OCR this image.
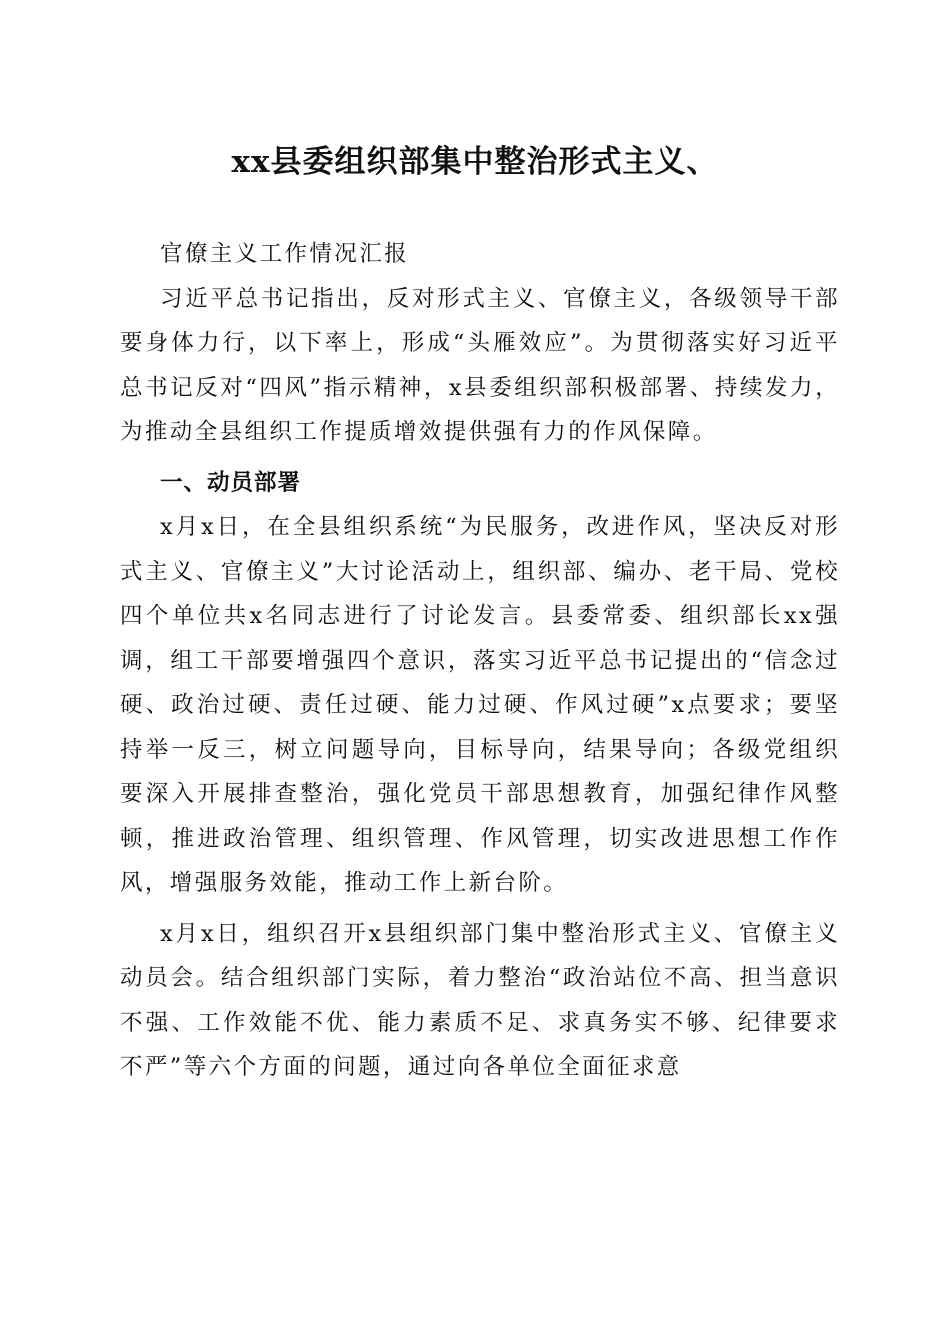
xx县委组织部集中整治形式主义、

官僚主义工作情况汇报

习近平总书记指出，反对形式主义、官僚主义，各级领导干部要身体力行，以下率上，形成“头雁效应”。为贯彻落实好习近平总书记反对“四风”指示精神，x县委组织部积极部署、持续发力，为推动全县组织工作提质增效提供强有力的作风保障。

一、动员部署

x月x日，在全县组织系统“为民服务，改进作风，坚决反对形式主义、官僚主义”大讨论活动上，组织部、编办、老干局、党校四个单位共x名同志进行了讨论发言。县委常委、组织部长xx强调，组工干部要增强四个意识，落实习近平总书记提出的“信念过硬、政治过硬、责任过硬、能力过硬、作风过硬”x点要求；要坚持举一反三，树立问题导向，目标导向，结果导向；各级党组织要深入开展排查整治，强化党员干部思想教育，加强纪律作风整顿，推进政治管理、组织管理、作风管理，切实改进思想工作作风，增强服务效能，推动工作上新台阶。

x月x日，组织召开x县组织部门集中整治形式主义、官僚主义动员会。结合组织部门实际，着力整治“政治站位不高、担当意识不强、工作效能不优、能力素质不足、求真务实不够、纪律要求不严”等六个方面的问题，通过向各单位全面征求意
